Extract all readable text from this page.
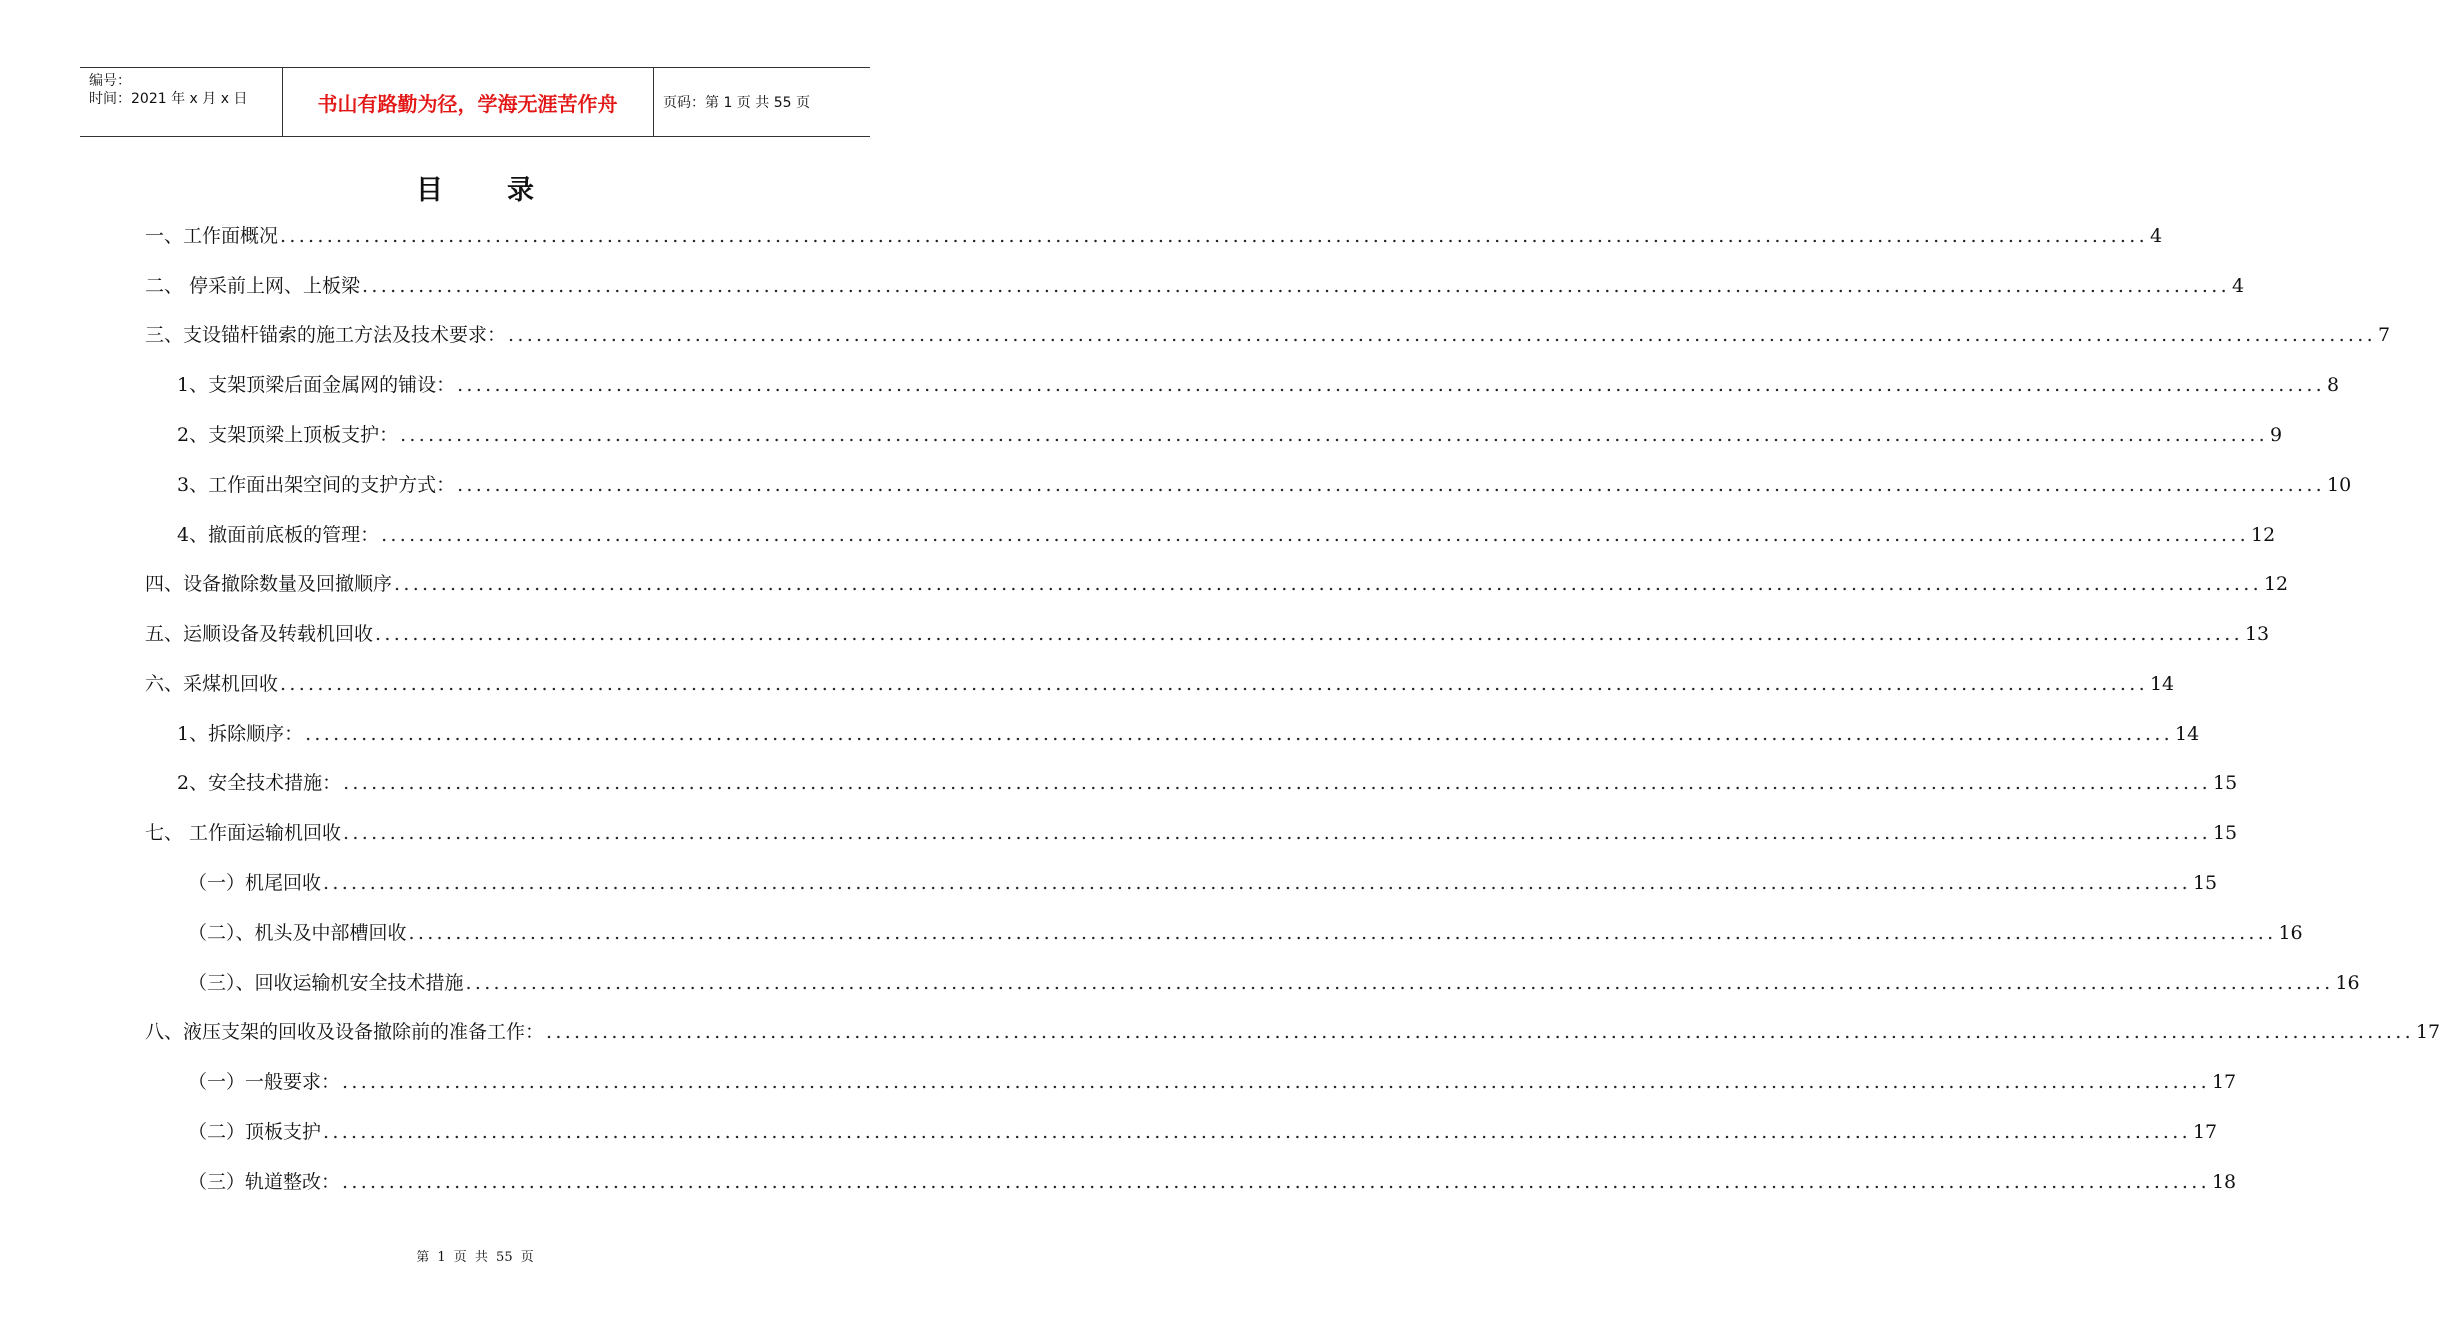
编号：
时间：2021 年 x 月 x 日	书山有路勤为径，学海无涯苦作舟	页码：第 1 页 共 55 页
目录
一、工作面概况 ........................................................................................................................................................................................................ 4
二、 停采前上网、上板梁 ........................................................................................................................................................................................................ 4
三、支设锚杆锚索的施工方法及技术要求： ........................................................................................................................................................................................................ 7
1、支架顶梁后面金属网的铺设： ........................................................................................................................................................................................................ 8
2、支架顶梁上顶板支护： ........................................................................................................................................................................................................ 9
3、工作面出架空间的支护方式： ........................................................................................................................................................................................................ 10
4、撤面前底板的管理： ........................................................................................................................................................................................................ 12
四、设备撤除数量及回撤顺序 ........................................................................................................................................................................................................ 12
五、运顺设备及转载机回收 ........................................................................................................................................................................................................ 13
六、采煤机回收 ........................................................................................................................................................................................................ 14
1、拆除顺序： ........................................................................................................................................................................................................ 14
2、安全技术措施： ........................................................................................................................................................................................................ 15
七、 工作面运输机回收 ........................................................................................................................................................................................................ 15
（一）机尾回收 ........................................................................................................................................................................................................ 15
（二）、机头及中部槽回收 ........................................................................................................................................................................................................ 16
（三）、回收运输机安全技术措施 ........................................................................................................................................................................................................ 16
八、液压支架的回收及设备撤除前的准备工作： ........................................................................................................................................................................................................ 17
（一）一般要求： ........................................................................................................................................................................................................ 17
（二）顶板支护 ........................................................................................................................................................................................................ 17
（三）轨道整改： ........................................................................................................................................................................................................ 18
第 1 页 共 55 页
